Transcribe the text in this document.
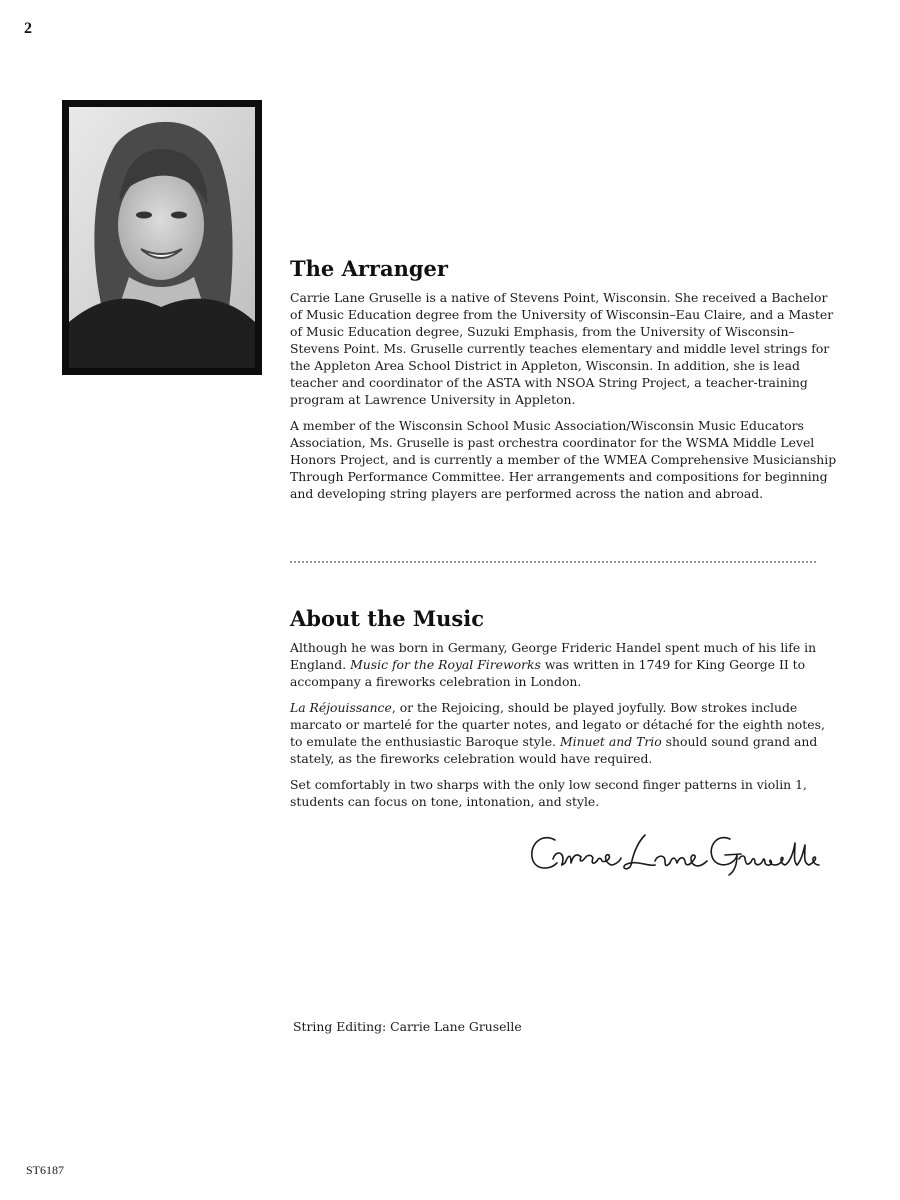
2
The Arranger

Carrie Lane Gruselle is a native of Stevens Point, Wisconsin. She received a Bachelor of Music Education degree from the University of Wisconsin–Eau Claire, and a Master of Music Education degree, Suzuki Emphasis, from the University of Wisconsin–Stevens Point. Ms. Gruselle currently teaches elementary and middle level strings for the Appleton Area School District in Appleton, Wisconsin. In addition, she is lead teacher and coordinator of the ASTA with NSOA String Project, a teacher-training program at Lawrence University in Appleton.

A member of the Wisconsin School Music Association/Wisconsin Music Educators Association, Ms. Gruselle is past orchestra coordinator for the WSMA Middle Level Honors Project, and is currently a member of the WMEA Comprehensive Musicianship Through Performance Committee. Her arrangements and compositions for beginning and developing string players are performed across the nation and abroad.

About the Music

Although he was born in Germany, George Frideric Handel spent much of his life in England. Music for the Royal Fireworks was written in 1749 for King George II to accompany a fireworks celebration in London.

La Réjouissance, or the Rejoicing, should be played joyfully. Bow strokes include marcato or martelé for the quarter notes, and legato or détaché for the eighth notes, to emulate the enthusiastic Baroque style. Minuet and Trio should sound grand and stately, as the fireworks celebration would have required.

Set comfortably in two sharps with the only low second finger patterns in violin 1, students can focus on tone, intonation, and style.

String Editing: Carrie Lane Gruselle
ST6187
